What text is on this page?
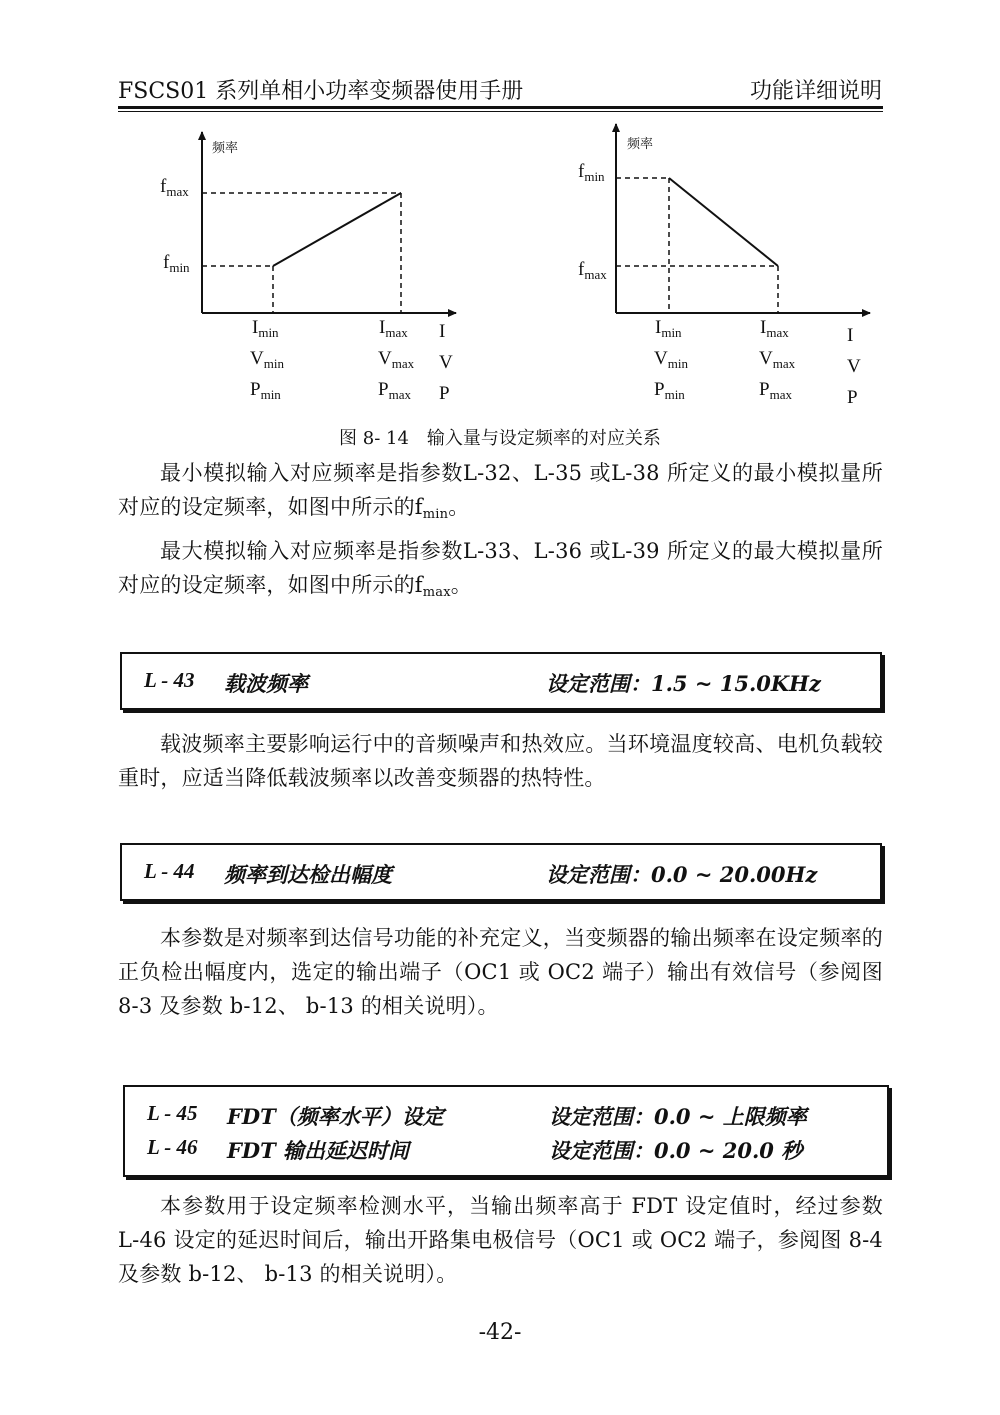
FSCS01 系列单相小功率变频器使用手册	功能详细说明
频率
$f_{max}$
$f_{min}$
$I_{min}$
$V_{min}$
$P_{min}$
$I_{max}$
$V_{max}$
$P_{max}$
I
V
P
频率
$f_{min}$
$f_{max}$
$I_{min}$
$V_{min}$
$P_{min}$
$I_{max}$
$V_{max}$
$P_{max}$
I
V
P
图 8- 14　输入量与设定频率的对应关系
最小模拟输入对应频率是指参数L-32、L-35 或L-38 所定义的最小模拟量所对应的设定频率，如图中所示的$f_{min}$。
最大模拟输入对应频率是指参数L-33、L-36 或L-39 所定义的最大模拟量所对应的设定频率，如图中所示的$f_{max}$。
L - 43 载波频率	设定范围：1.5 ~ 15.0KHz
载波频率主要影响运行中的音频噪声和热效应。当环境温度较高、电机负载较重时，应适当降低载波频率以改善变频器的热特性。
L - 44 频率到达检出幅度	设定范围：0.0 ~ 20.00Hz
本参数是对频率到达信号功能的补充定义，当变频器的输出频率在设定频率的正负检出幅度内，选定的输出端子（OC1 或 OC2 端子）输出有效信号（参阅图 8-3 及参数 b-12、 b-13 的相关说明）。
L - 45 FDT（频率水平）设定	设定范围：0.0 ~ 上限频率
L - 46 FDT 输出延迟时间	设定范围：0.0 ~ 20.0 秒
本参数用于设定频率检测水平，当输出频率高于 FDT 设定值时，经过参数 L-46 设定的延迟时间后，输出开路集电极信号（OC1 或 OC2 端子，参阅图 8-4 及参数 b-12、 b-13 的相关说明）。
-42-
